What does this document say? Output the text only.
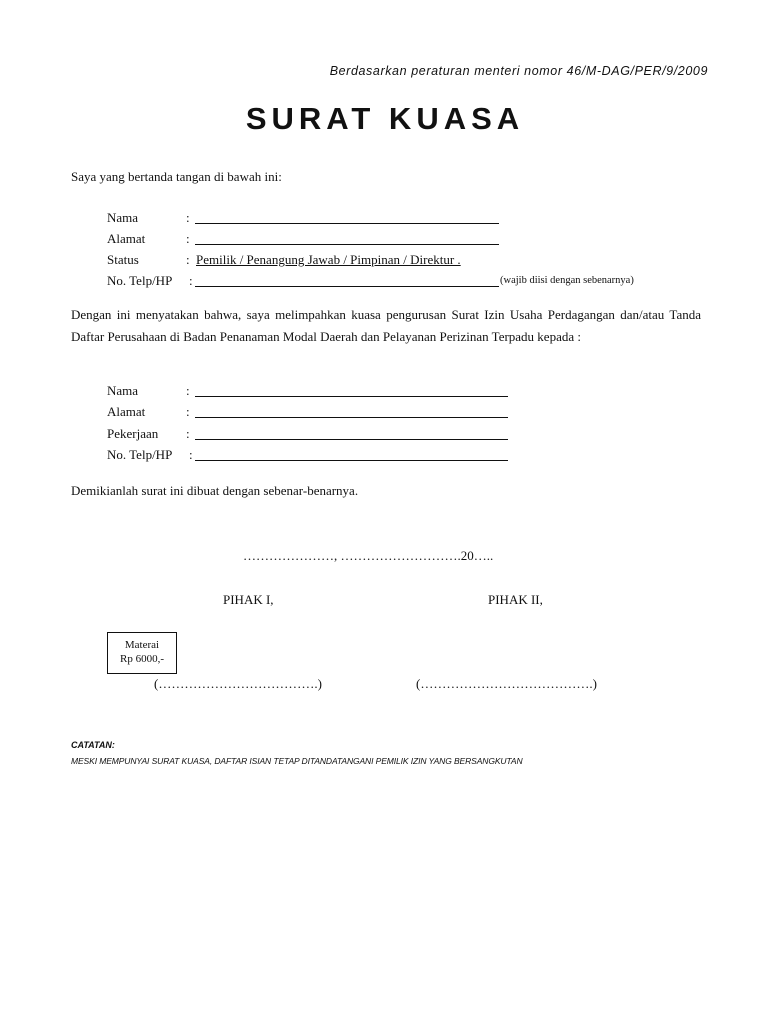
Berdasarkan peraturan menteri nomor 46/M-DAG/PER/9/2009
SURAT KUASA
Saya yang bertanda tangan di bawah ini:
Nama	:
Alamat	:
Status	: Pemilik / Penangung Jawab / Pimpinan / Direktur .
No. Telp/HP :	(wajib diisi dengan sebenarnya)
Dengan ini menyatakan bahwa, saya melimpahkan kuasa pengurusan Surat Izin Usaha Perdagangan dan/atau Tanda Daftar Perusahaan di Badan Penanaman Modal Daerah dan Pelayanan Perizinan Terpadu kepada :
Nama	:
Alamat	:
Pekerjaan :
No. Telp/HP :
Demikianlah surat ini dibuat dengan sebenar-benarnya.
…………………, ……………………….20…..
PIHAK I,	PIHAK II,
Materai
Rp 6000,-
(……………………………….)	(………………………………….)
CATATAN:
MESKI MEMPUNYAI SURAT KUASA, DAFTAR ISIAN TETAP DITANDATANGANI PEMILIK IZIN YANG BERSANGKUTAN
